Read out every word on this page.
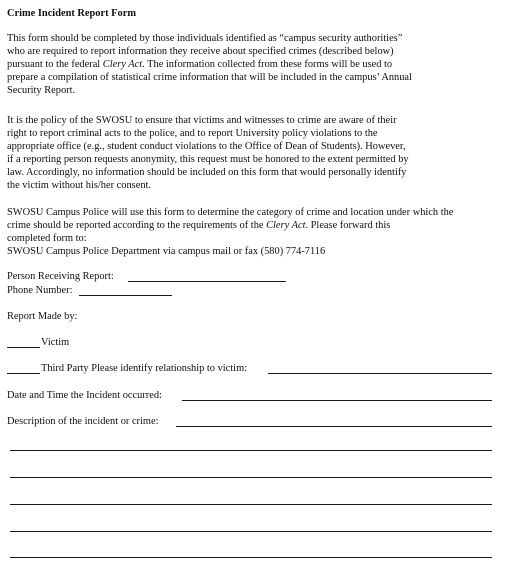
Crime Incident Report Form
This form should be completed by those individuals identified as “campus security authorities”
who are required to report information they receive about specified crimes (described below)
pursuant to the federal Clery Act. The information collected from these forms will be used to
prepare a compilation of statistical crime information that will be included in the campus’ Annual
Security Report.
It is the policy of the SWOSU to ensure that victims and witnesses to crime are aware of their
right to report criminal acts to the police, and to report University policy violations to the
appropriate office (e.g., student conduct violations to the Office of Dean of Students). However,
if a reporting person requests anonymity, this request must be honored to the extent permitted by
law. Accordingly, no information should be included on this form that would personally identify
the victim without his/her consent.
SWOSU Campus Police will use this form to determine the category of crime and location under which the
crime should be reported according to the requirements of the Clery Act. Please forward this
completed form to:
SWOSU Campus Police Department via campus mail or fax (580) 774-7116
Person Receiving Report:
Phone Number:
Report Made by:
Victim
Third Party Please identify relationship to victim:
Date and Time the Incident occurred:
Description of the incident or crime:
